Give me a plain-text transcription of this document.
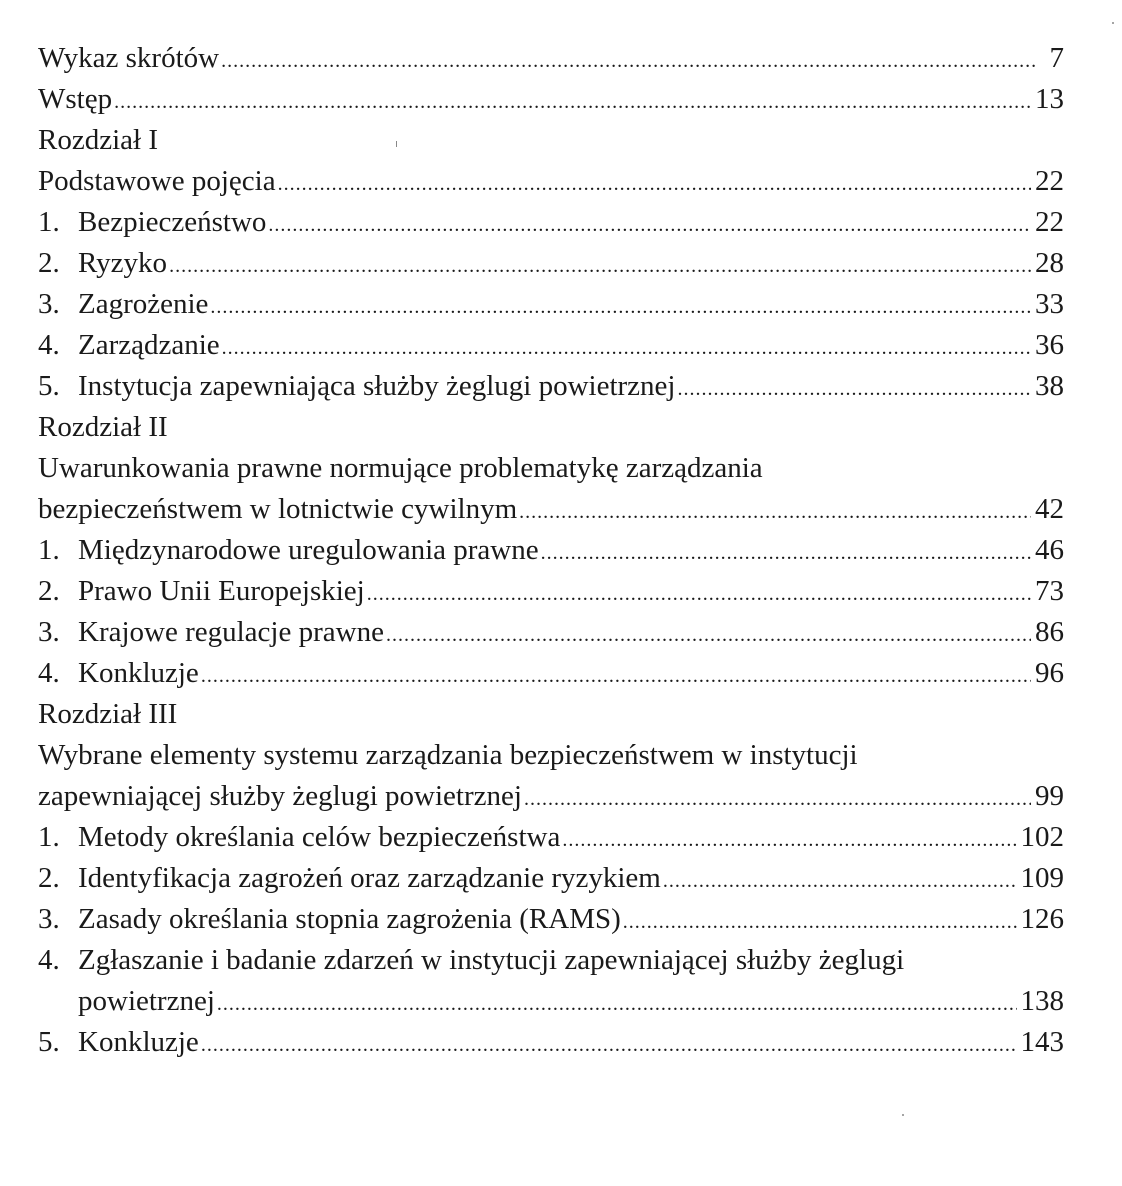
Wykaz skrótów .....	7
Wstęp .....	13
Rozdział I
Podstawowe pojęcia .....	22
1. Bezpieczeństwo .....	22
2. Ryzyko .....	28
3. Zagrożenie .....	33
4. Zarządzanie .....	36
5. Instytucja zapewniająca służby żeglugi powietrznej .....	38
Rozdział II
Uwarunkowania prawne normujące problematykę zarządzania
bezpieczeństwem w lotnictwie cywilnym .....	42
1. Międzynarodowe uregulowania prawne .....	46
2. Prawo Unii Europejskiej .....	73
3. Krajowe regulacje prawne .....	86
4. Konkluzje .....	96
Rozdział III
Wybrane elementy systemu zarządzania bezpieczeństwem w instytucji
zapewniającej służby żeglugi powietrznej .....	99
1. Metody określania celów bezpieczeństwa .....	102
2. Identyfikacja zagrożeń oraz zarządzanie ryzykiem .....	109
3. Zasady określania stopnia zagrożenia (RAMS) .....	126
4. Zgłaszanie i badanie zdarzeń w instytucji zapewniającej służby żeglugi
powietrznej .....	138
5. Konkluzje .....	143
